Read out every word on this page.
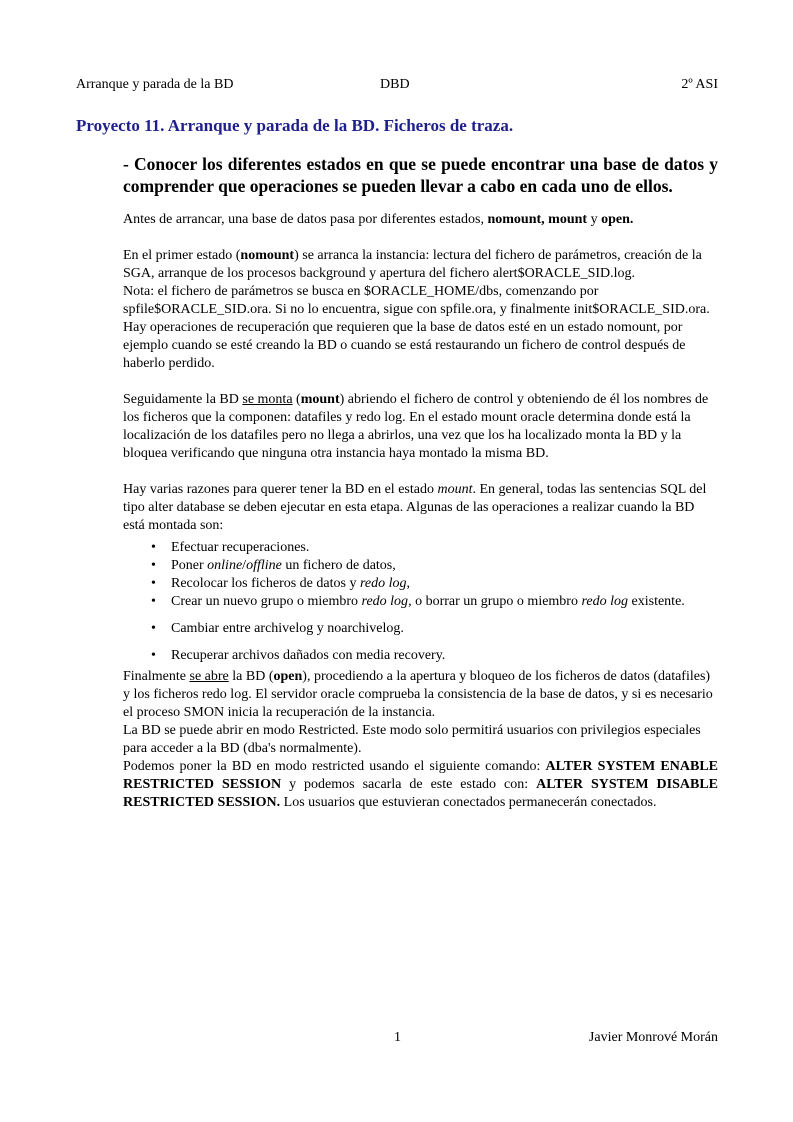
Arranque y parada de la BD	DBD	2º ASI
Proyecto 11. Arranque y parada de la BD. Ficheros de traza.

- Conocer los diferentes estados en que se puede encontrar una base de datos y comprender que operaciones se pueden llevar a cabo en cada uno de ellos.

Antes de arrancar, una base de datos pasa por diferentes estados, nomount, mount y open.

En el primer estado (nomount) se arranca la instancia: lectura del fichero de parámetros, creación de la SGA, arranque de los procesos background y apertura del fichero alert$ORACLE_SID.log.

Nota: el fichero de parámetros se busca en $ORACLE_HOME/dbs, comenzando por spfile$ORACLE_SID.ora. Si no lo encuentra, sigue con spfile.ora, y finalmente init$ORACLE_SID.ora.

Hay operaciones de recuperación que requieren que la base de datos esté en un estado nomount, por ejemplo cuando se esté creando la BD o cuando se está restaurando un fichero de control después de haberlo perdido.

Seguidamente la BD se monta (mount) abriendo el fichero de control y obteniendo de él los nombres de los ficheros que la componen: datafiles y redo log. En el estado mount oracle determina donde está la localización de los datafiles pero no llega a abrirlos, una vez que los ha localizado monta la BD y la bloquea verificando que ninguna otra instancia haya montado la misma BD.

Hay varias razones para querer tener la BD en el estado mount. En general, todas las sentencias SQL del tipo alter database se deben ejecutar en esta etapa. Algunas de las operaciones a realizar cuando la BD está montada son:

• Efectuar recuperaciones.
• Poner online/offline un fichero de datos,
• Recolocar los ficheros de datos y redo log,
• Crear un nuevo grupo o miembro redo log, o borrar un grupo o miembro redo log existente.
• Cambiar entre archivelog y noarchivelog.
• Recuperar archivos dañados con media recovery.

Finalmente se abre la BD (open), procediendo a la apertura y bloqueo de los ficheros de datos (datafiles) y los ficheros redo log. El servidor oracle comprueba la consistencia de la base de datos, y si es necesario el proceso SMON inicia la recuperación de la instancia.

La BD se puede abrir en modo Restricted. Este modo solo permitirá usuarios con privilegios especiales para acceder a la BD (dba's normalmente).

Podemos poner la BD en modo restricted usando el siguiente comando: ALTER SYSTEM ENABLE RESTRICTED SESSION y podemos sacarla de este estado con: ALTER SYSTEM DISABLE RESTRICTED SESSION. Los usuarios que estuvieran conectados permanecerán conectados.

1	Javier Monrové Morán
